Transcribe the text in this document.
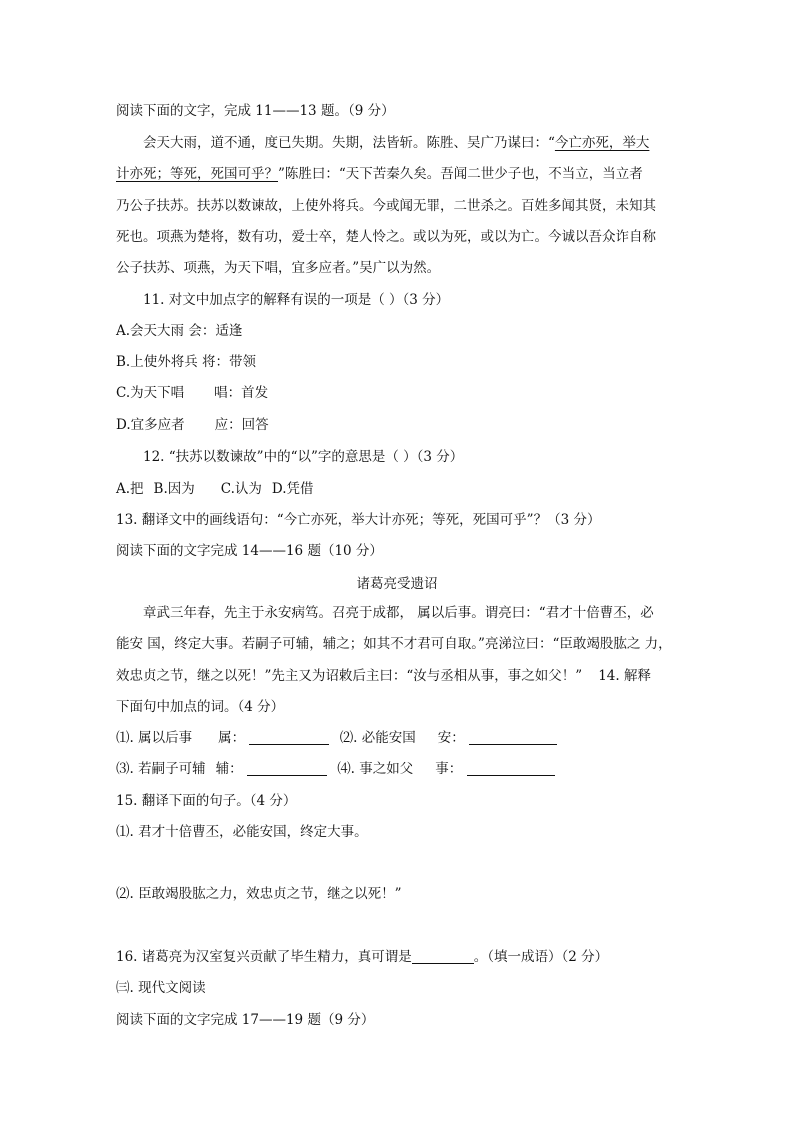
阅读下面的文字，完成 11——13 题。（9 分）
会天大雨，道不通，度已失期。失期，法皆斩。陈胜、吴广乃谋曰：“今亡亦死，举大
计亦死；等死，死国可乎？”陈胜曰：“天下苦秦久矣。吾闻二世少子也，不当立，当立者
乃公子扶苏。扶苏以数谏故，上使外将兵。今或闻无罪，二世杀之。百姓多闻其贤，未知其
死也。项燕为楚将，数有功，爱士卒，楚人怜之。或以为死，或以为亡。今诚以吾众诈自称
公子扶苏、项燕，为天下唱，宜多应者。”吴广以为然。
11. 对文中加点字的解释有误的一项是（ ）（3 分）
A.会天大雨 会：适逢
B.上使外将兵 将：带领
C.为天下唱 唱：首发
D.宜多应者 应：回答
12. “扶苏以数谏故”中的“以”字的意思是（ ）（3 分）
A.把 B.因为 C.认为 D.凭借
13. 翻译文中的画线语句：“今亡亦死，举大计亦死；等死，死国可乎”？（3 分）
阅读下面的文字完成 14——16 题（10 分）
诸葛亮受遗诏
章武三年春，先主于永安病笃。召亮于成都， 属以后事。谓亮曰：“君才十倍曹丕，必
能安 国，终定大事。若嗣子可辅，辅之；如其不才君可自取。”亮涕泣曰：“臣敢竭股肱之 力，
效忠贞之节，继之以死！”先主又为诏敕后主曰：“汝与丞相从事，事之如父！” 14. 解释
下面句中加点的词。（4 分）
⑴. 属以后事 属：	⑵. 必能安国 安：
⑶. 若嗣子可辅 辅：	⑷. 事之如父 事：
15. 翻译下面的句子。（4 分）
⑴. 君才十倍曹丕，必能安国，终定大事。
⑵. 臣敢竭股肱之力，效忠贞之节，继之以死！”
16. 诸葛亮为汉室复兴贡献了毕生精力，真可谓是	。（填一成语）（2 分）
㈢. 现代文阅读
阅读下面的文字完成 17——19 题（9 分）
